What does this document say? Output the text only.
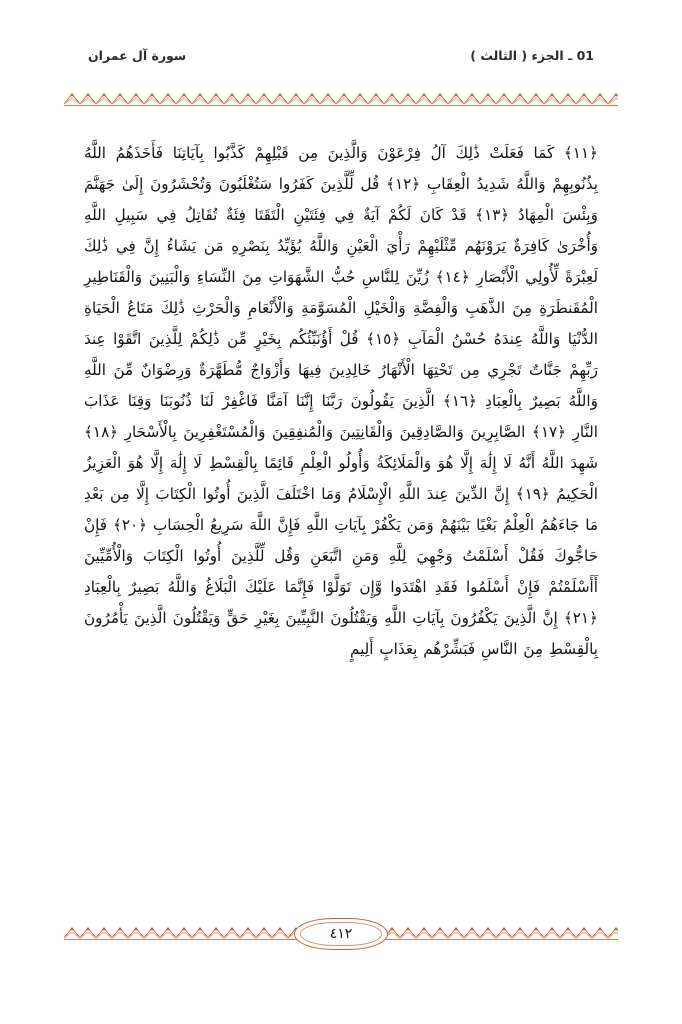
سورة آل عمران	01 ـ الجزء ( الثالث )

﴿١١﴾ كَمَا فَعَلَتْ ذَٰلِكَ آلُ فِرْعَوْنَ وَالَّذِينَ مِن قَبْلِهِمْ كَذَّبُوا بِآيَاتِنَا فَأَخَذَهُمُ اللَّهُ بِذُنُوبِهِمْ وَاللَّهُ شَدِيدُ الْعِقَابِ ﴿١٢﴾ قُل لِّلَّذِينَ كَفَرُوا سَتُغْلَبُونَ وَتُحْشَرُونَ إِلَىٰ جَهَنَّمَ وَبِئْسَ الْمِهَادُ ﴿١٣﴾ قَدْ كَانَ لَكُمْ آيَةٌ فِي فِئَتَيْنِ الْتَقَتَا فِئَةٌ تُقَاتِلُ فِي سَبِيلِ اللَّهِ وَأُخْرَىٰ كَافِرَةٌ يَرَوْنَهُم مِّثْلَيْهِمْ رَأْيَ الْعَيْنِ وَاللَّهُ يُؤَيِّدُ بِنَصْرِهِ مَن يَشَاءُ إِنَّ فِي ذَٰلِكَ لَعِبْرَةً لِّأُولِي الْأَبْصَارِ ﴿١٤﴾ زُيِّنَ لِلنَّاسِ حُبُّ الشَّهَوَاتِ مِنَ النِّسَاءِ وَالْبَنِينَ وَالْقَنَاطِيرِ الْمُقَنطَرَةِ مِنَ الذَّهَبِ وَالْفِضَّةِ وَالْخَيْلِ الْمُسَوَّمَةِ وَالْأَنْعَامِ وَالْحَرْثِ ذَٰلِكَ مَتَاعُ الْحَيَاةِ الدُّنْيَا وَاللَّهُ عِندَهُ حُسْنُ الْمَآبِ ﴿١٥﴾ قُلْ أَؤُنَبِّئُكُم بِخَيْرٍ مِّن ذَٰلِكُمْ لِلَّذِينَ اتَّقَوْا عِندَ رَبِّهِمْ جَنَّاتٌ تَجْرِي مِن تَحْتِهَا الْأَنْهَارُ خَالِدِينَ فِيهَا وَأَزْوَاجٌ مُّطَهَّرَةٌ وَرِضْوَانٌ مِّنَ اللَّهِ وَاللَّهُ بَصِيرٌ بِالْعِبَادِ ﴿١٦﴾ الَّذِينَ يَقُولُونَ رَبَّنَا إِنَّنَا آمَنَّا فَاغْفِرْ لَنَا ذُنُوبَنَا وَقِنَا عَذَابَ النَّارِ ﴿١٧﴾ الصَّابِرِينَ وَالصَّادِقِينَ وَالْقَانِتِينَ وَالْمُنفِقِينَ وَالْمُسْتَغْفِرِينَ بِالْأَسْحَارِ ﴿١٨﴾ شَهِدَ اللَّهُ أَنَّهُ لَا إِلَٰهَ إِلَّا هُوَ وَالْمَلَائِكَةُ وَأُولُو الْعِلْمِ قَائِمًا بِالْقِسْطِ لَا إِلَٰهَ إِلَّا هُوَ الْعَزِيزُ الْحَكِيمُ ﴿١٩﴾ إِنَّ الدِّينَ عِندَ اللَّهِ الْإِسْلَامُ وَمَا اخْتَلَفَ الَّذِينَ أُوتُوا الْكِتَابَ إِلَّا مِن بَعْدِ مَا جَاءَهُمُ الْعِلْمُ بَغْيًا بَيْنَهُمْ وَمَن يَكْفُرْ بِآيَاتِ اللَّهِ فَإِنَّ اللَّهَ سَرِيعُ الْحِسَابِ ﴿٢٠﴾ فَإِنْ حَاجُّوكَ فَقُلْ أَسْلَمْتُ وَجْهِيَ لِلَّهِ وَمَنِ اتَّبَعَنِ وَقُل لِّلَّذِينَ أُوتُوا الْكِتَابَ وَالْأُمِّيِّينَ أَأَسْلَمْتُمْ فَإِنْ أَسْلَمُوا فَقَدِ اهْتَدَوا وَّإِن تَوَلَّوْا فَإِنَّمَا عَلَيْكَ الْبَلَاغُ وَاللَّهُ بَصِيرٌ بِالْعِبَادِ ﴿٢١﴾ إِنَّ الَّذِينَ يَكْفُرُونَ بِآيَاتِ اللَّهِ وَيَقْتُلُونَ النَّبِيِّينَ بِغَيْرِ حَقٍّ وَيَقْتُلُونَ الَّذِينَ يَأْمُرُونَ بِالْقِسْطِ مِنَ النَّاسِ فَبَشِّرْهُم بِعَذَابٍ أَلِيمٍ

٤١٢
